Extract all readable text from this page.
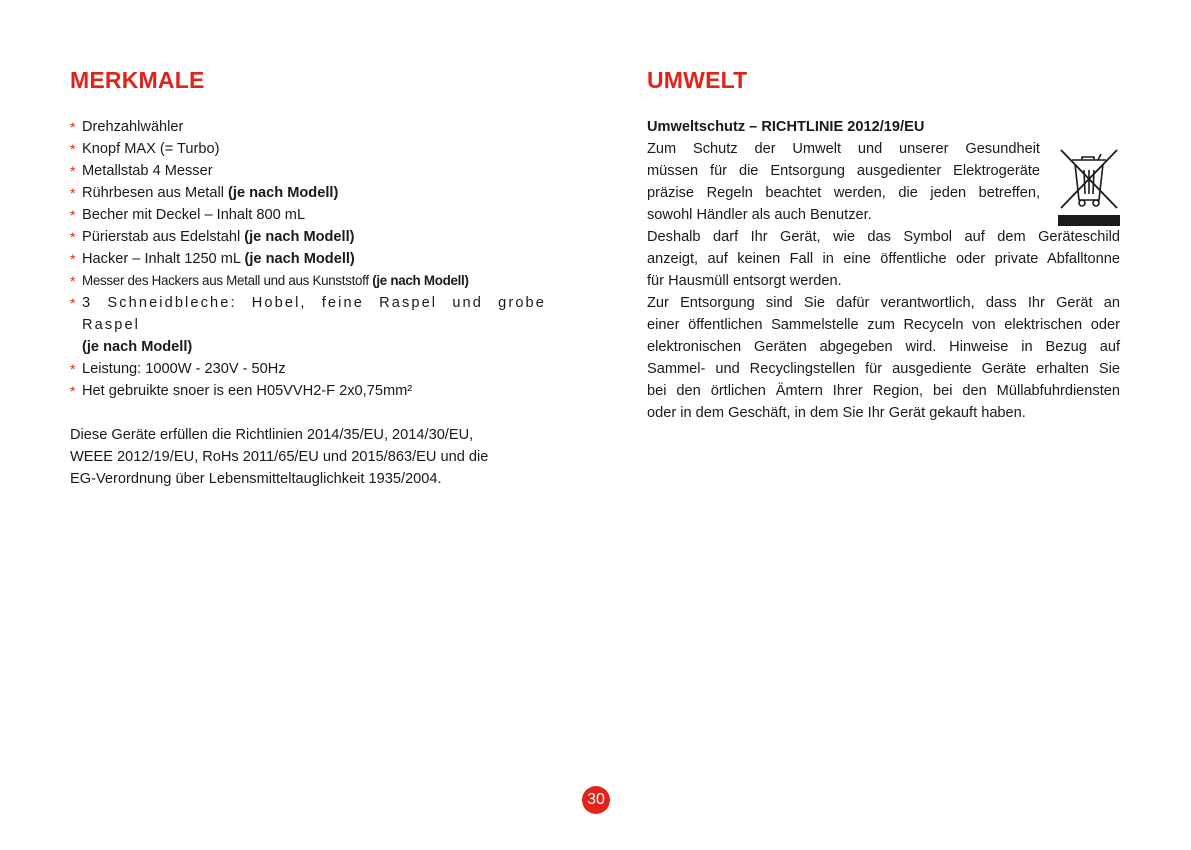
MERKMALE
* Drehzahlwähler
* Knopf MAX (= Turbo)
* Metallstab 4 Messer
* Rührbesen aus Metall (je nach Modell)
* Becher mit Deckel – Inhalt 800 mL
* Pürierstab aus Edelstahl (je nach Modell)
* Hacker – Inhalt 1250 mL (je nach Modell)
* Messer des Hackers aus Metall und aus Kunststoff (je nach Modell)
* 3 Schneidbleche: Hobel, feine Raspel und grobe Raspel
(je nach Modell)
* Leistung: 1000W - 230V - 50Hz
* Het gebruikte snoer is een H05VVH2-F 2x0,75mm²
Diese Geräte erfüllen die Richtlinien 2014/35/EU, 2014/30/EU,
WEEE 2012/19/EU, RoHs 2011/65/EU und 2015/863/EU und die
EG-Verordnung über Lebensmitteltauglichkeit 1935/2004.
UMWELT
Umweltschutz – RICHTLINIE 2012/19/EU
Zum Schutz der Umwelt und unserer Gesundheit
müssen für die Entsorgung ausgedienter Elektrogeräte
präzise Regeln beachtet werden, die jeden betreffen,
sowohl Händler als auch Benutzer.
Deshalb darf Ihr Gerät, wie das Symbol auf dem Geräteschild
anzeigt, auf keinen Fall in eine öffentliche oder private Abfalltonne
für Hausmüll entsorgt werden.
Zur Entsorgung sind Sie dafür verantwortlich, dass Ihr Gerät an
einer öffentlichen Sammelstelle zum Recyceln von elektrischen oder
elektronischen Geräten abgegeben wird. Hinweise in Bezug auf
Sammel- und Recyclingstellen für ausgediente Geräte erhalten Sie
bei den örtlichen Ämtern Ihrer Region, bei den Müllabfuhrdiensten
oder in dem Geschäft, in dem Sie Ihr Gerät gekauft haben.
30
